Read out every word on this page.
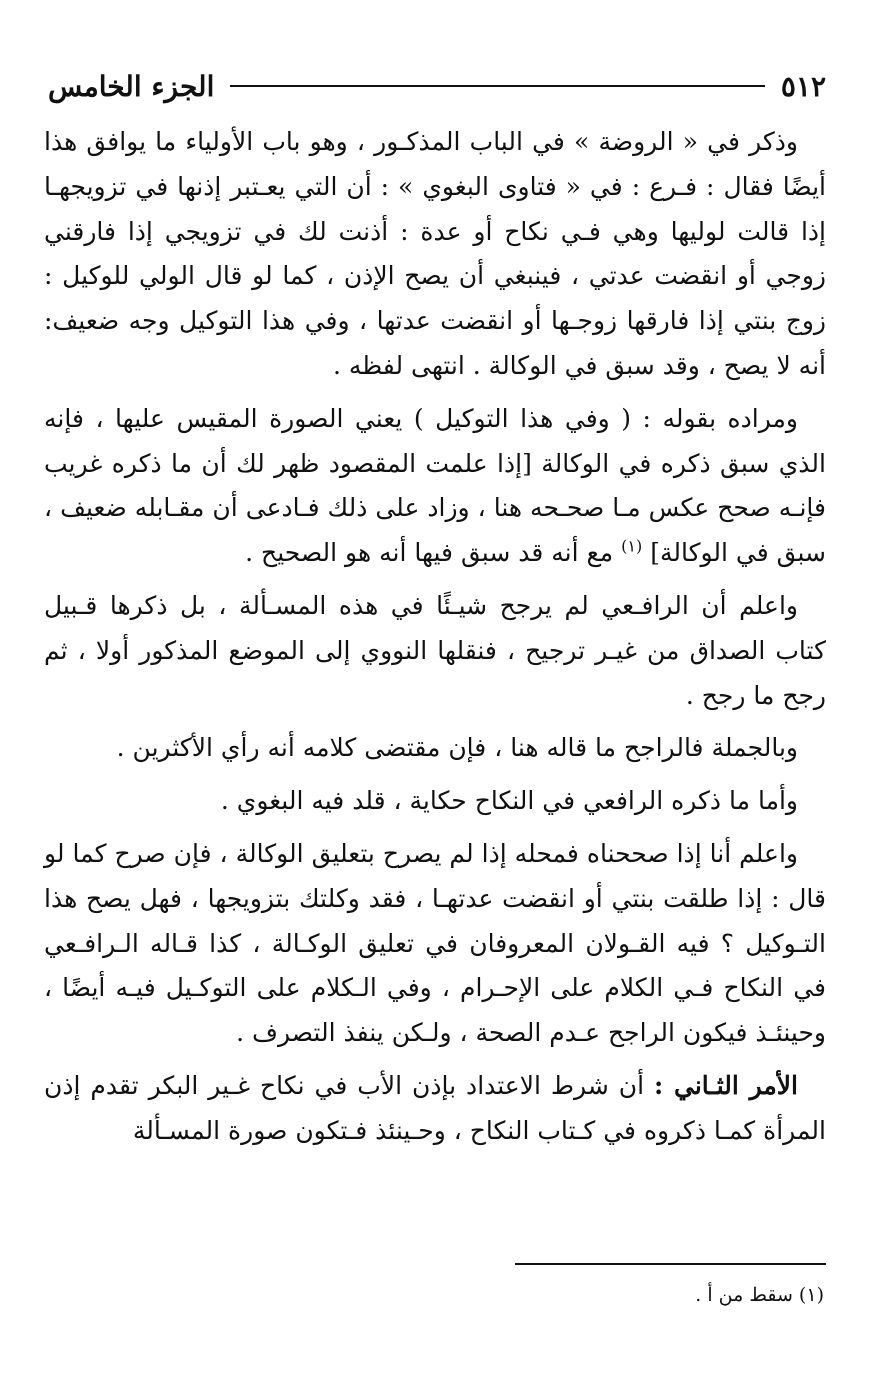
٥١٢
الجزء الخامس

وذكر في « الروضة » في الباب المذكـور ، وهو باب الأولياء ما يوافق هذا أيضًا فقال : فـرع : في « فتاوى البغوي » : أن التي يعـتبر إذنها في تزويجهـا إذا قالت لوليها وهي فـي نكاح أو عدة : أذنت لك في تزويجي إذا فارقني زوجي أو انقضت عدتي ، فينبغي أن يصح الإذن ، كما لو قال الولي للوكيل : زوج بنتي إذا فارقها زوجـها أو انقضت عدتها ، وفي هذا التوكيل وجه ضعيف: أنه لا يصح ، وقد سبق في الوكالة . انتهى لفظه .

ومراده بقوله : ( وفي هذا التوكيل ) يعني الصورة المقيس عليها ، فإنه الذي سبق ذكره في الوكالة [إذا علمت المقصود ظهر لك أن ما ذكره غريب فإنـه صحح عكس مـا صحـحه هنا ، وزاد على ذلك فـادعى أن مقـابله ضعيف ، سبق في الوكالة] $^{(١)}$ مع أنه قد سبق فيها أنه هو الصحيح .

واعلم أن الرافـعي لم يرجح شيـئًا في هذه المسـألة ، بل ذكرها قـبيل كتاب الصداق من غيـر ترجيح ، فنقلها النووي إلى الموضع المذكور أولا ، ثم رجح ما رجح .

وبالجملة فالراجح ما قاله هنا ، فإن مقتضى كلامه أنه رأي الأكثرين .

وأما ما ذكره الرافعي في النكاح حكاية ، قلد فيه البغوي .

واعلم أنا إذا صححناه فمحله إذا لم يصرح بتعليق الوكالة ، فإن صرح كما لو قال : إذا طلقت بنتي أو انقضت عدتهـا ، فقد وكلتك بتزويجها ، فهل يصح هذا التـوكيل ؟ فيه القـولان المعروفان في تعليق الوكـالة ، كذا قـاله الـرافـعي في النكاح فـي الكلام على الإحـرام ، وفي الـكلام على التوكـيل فيـه أيضًا ، وحينئـذ فيكون الراجح عـدم الصحة ، ولـكن ينفذ التصرف .

الأمر الثـاني : أن شرط الاعتداد بإذن الأب في نكاح غـير البكر تقدم إذن المرأة كمـا ذكروه في كـتاب النكاح ، وحـينئذ فـتكون صورة المسـألة

(١) سقط من أ .
